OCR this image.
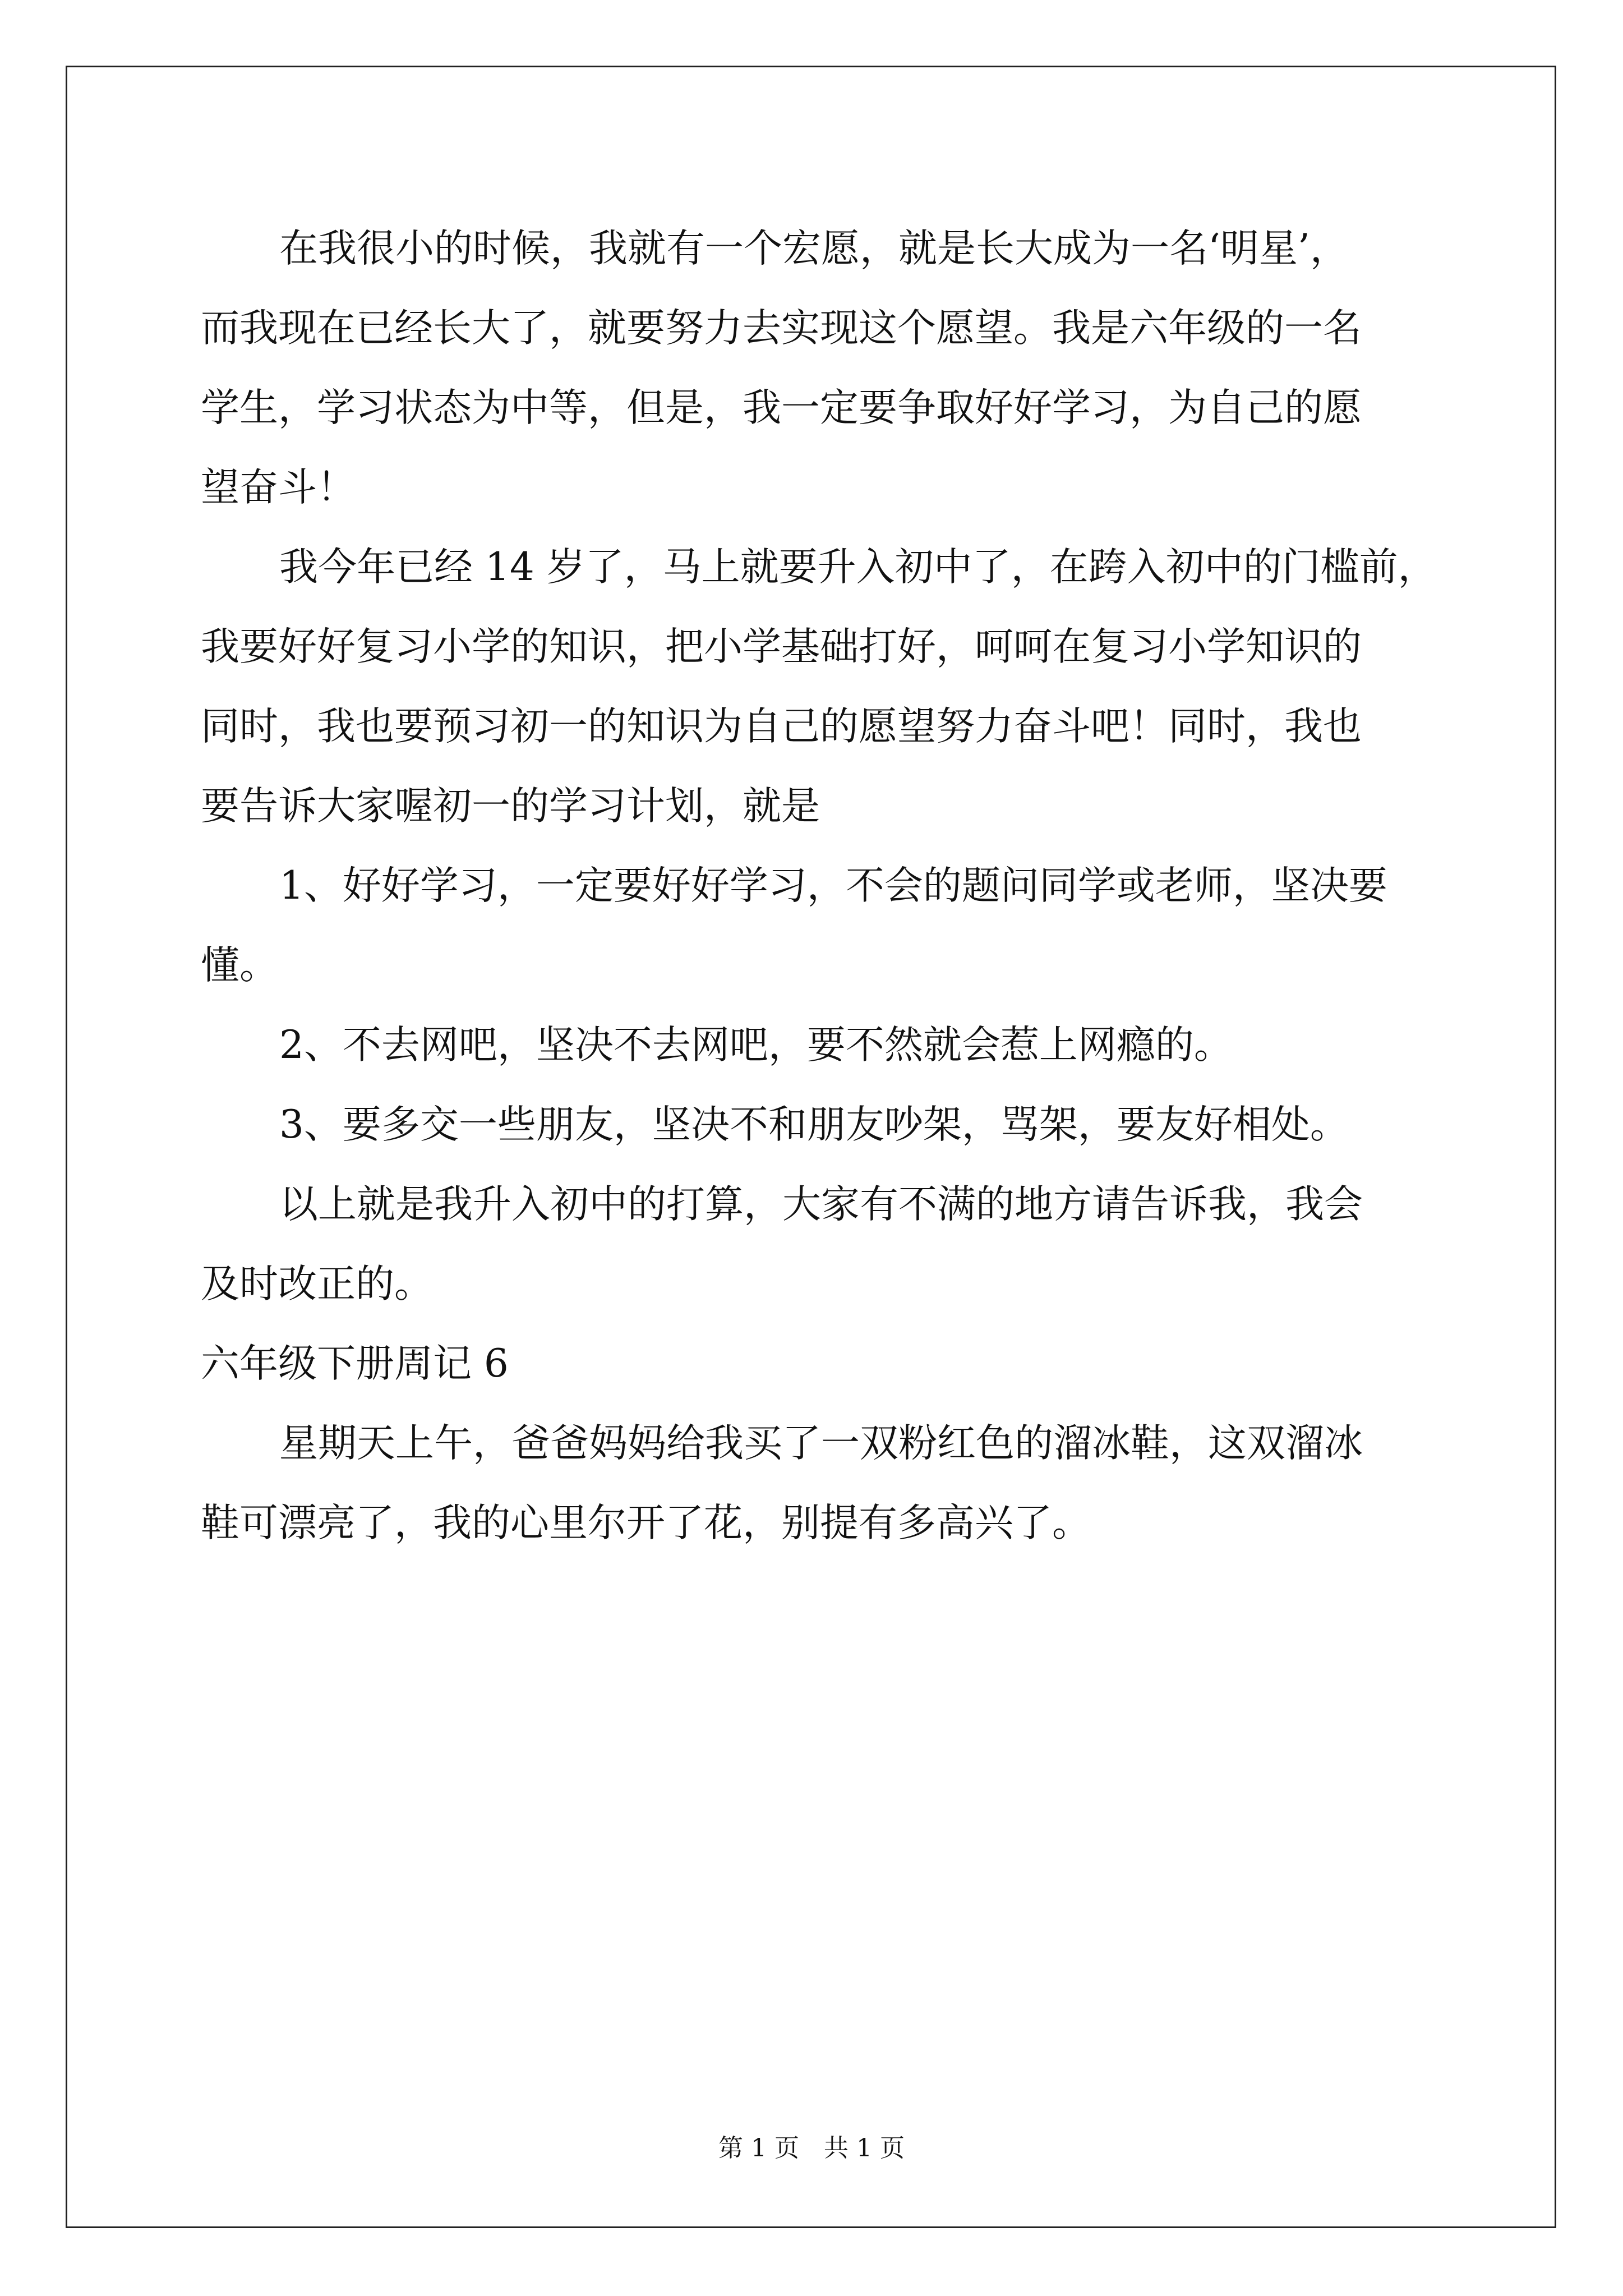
在我很小的时候，我就有一个宏愿，就是长大成为一名‘明星’，
而我现在已经长大了，就要努力去实现这个愿望。我是六年级的一名
学生，学习状态为中等，但是，我一定要争取好好学习，为自己的愿
望奋斗！
我今年已经 14 岁了，马上就要升入初中了，在跨入初中的门槛前，
我要好好复习小学的知识，把小学基础打好，呵呵在复习小学知识的
同时，我也要预习初一的知识为自己的愿望努力奋斗吧！同时，我也
要告诉大家喔初一的学习计划，就是
1、好好学习，一定要好好学习，不会的题问同学或老师，坚决要
懂。
2、不去网吧，坚决不去网吧，要不然就会惹上网瘾的。
3、要多交一些朋友，坚决不和朋友吵架，骂架，要友好相处。
以上就是我升入初中的打算，大家有不满的地方请告诉我，我会
及时改正的。
六年级下册周记 6
星期天上午，爸爸妈妈给我买了一双粉红色的溜冰鞋，这双溜冰
鞋可漂亮了，我的心里尔开了花，别提有多高兴了。
第 1 页 共 1 页
